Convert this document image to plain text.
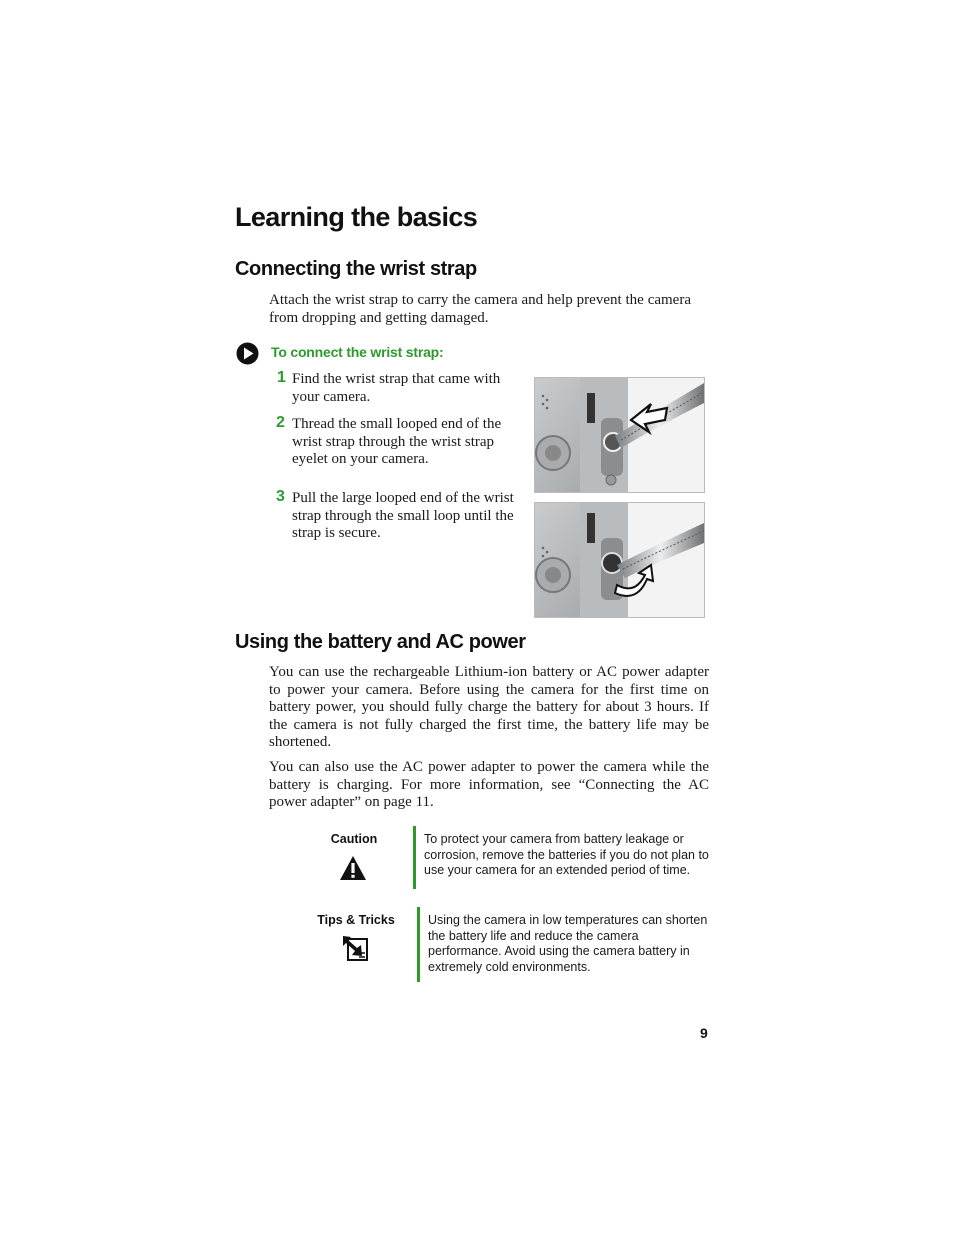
Learning the basics
Connecting the wrist strap
Attach the wrist strap to carry the camera and help prevent the camera from dropping and getting damaged.
To connect the wrist strap:
1 Find the wrist strap that came with your camera.
2 Thread the small looped end of the wrist strap through the wrist strap eyelet on your camera.
3 Pull the large looped end of the wrist strap through the small loop until the strap is secure.
Using the battery and AC power
You can use the rechargeable Lithium-ion battery or AC power adapter to power your camera. Before using the camera for the first time on battery power, you should fully charge the battery for about 3 hours. If the camera is not fully charged the first time, the battery life may be shortened.
You can also use the AC power adapter to power the camera while the battery is charging. For more information, see “Connecting the AC power adapter” on page 11.
Caution	To protect your camera from battery leakage or corrosion, remove the batteries if you do not plan to use your camera for an extended period of time.
Tips & Tricks	Using the camera in low temperatures can shorten the battery life and reduce the camera performance. Avoid using the camera battery in extremely cold environments.
9
